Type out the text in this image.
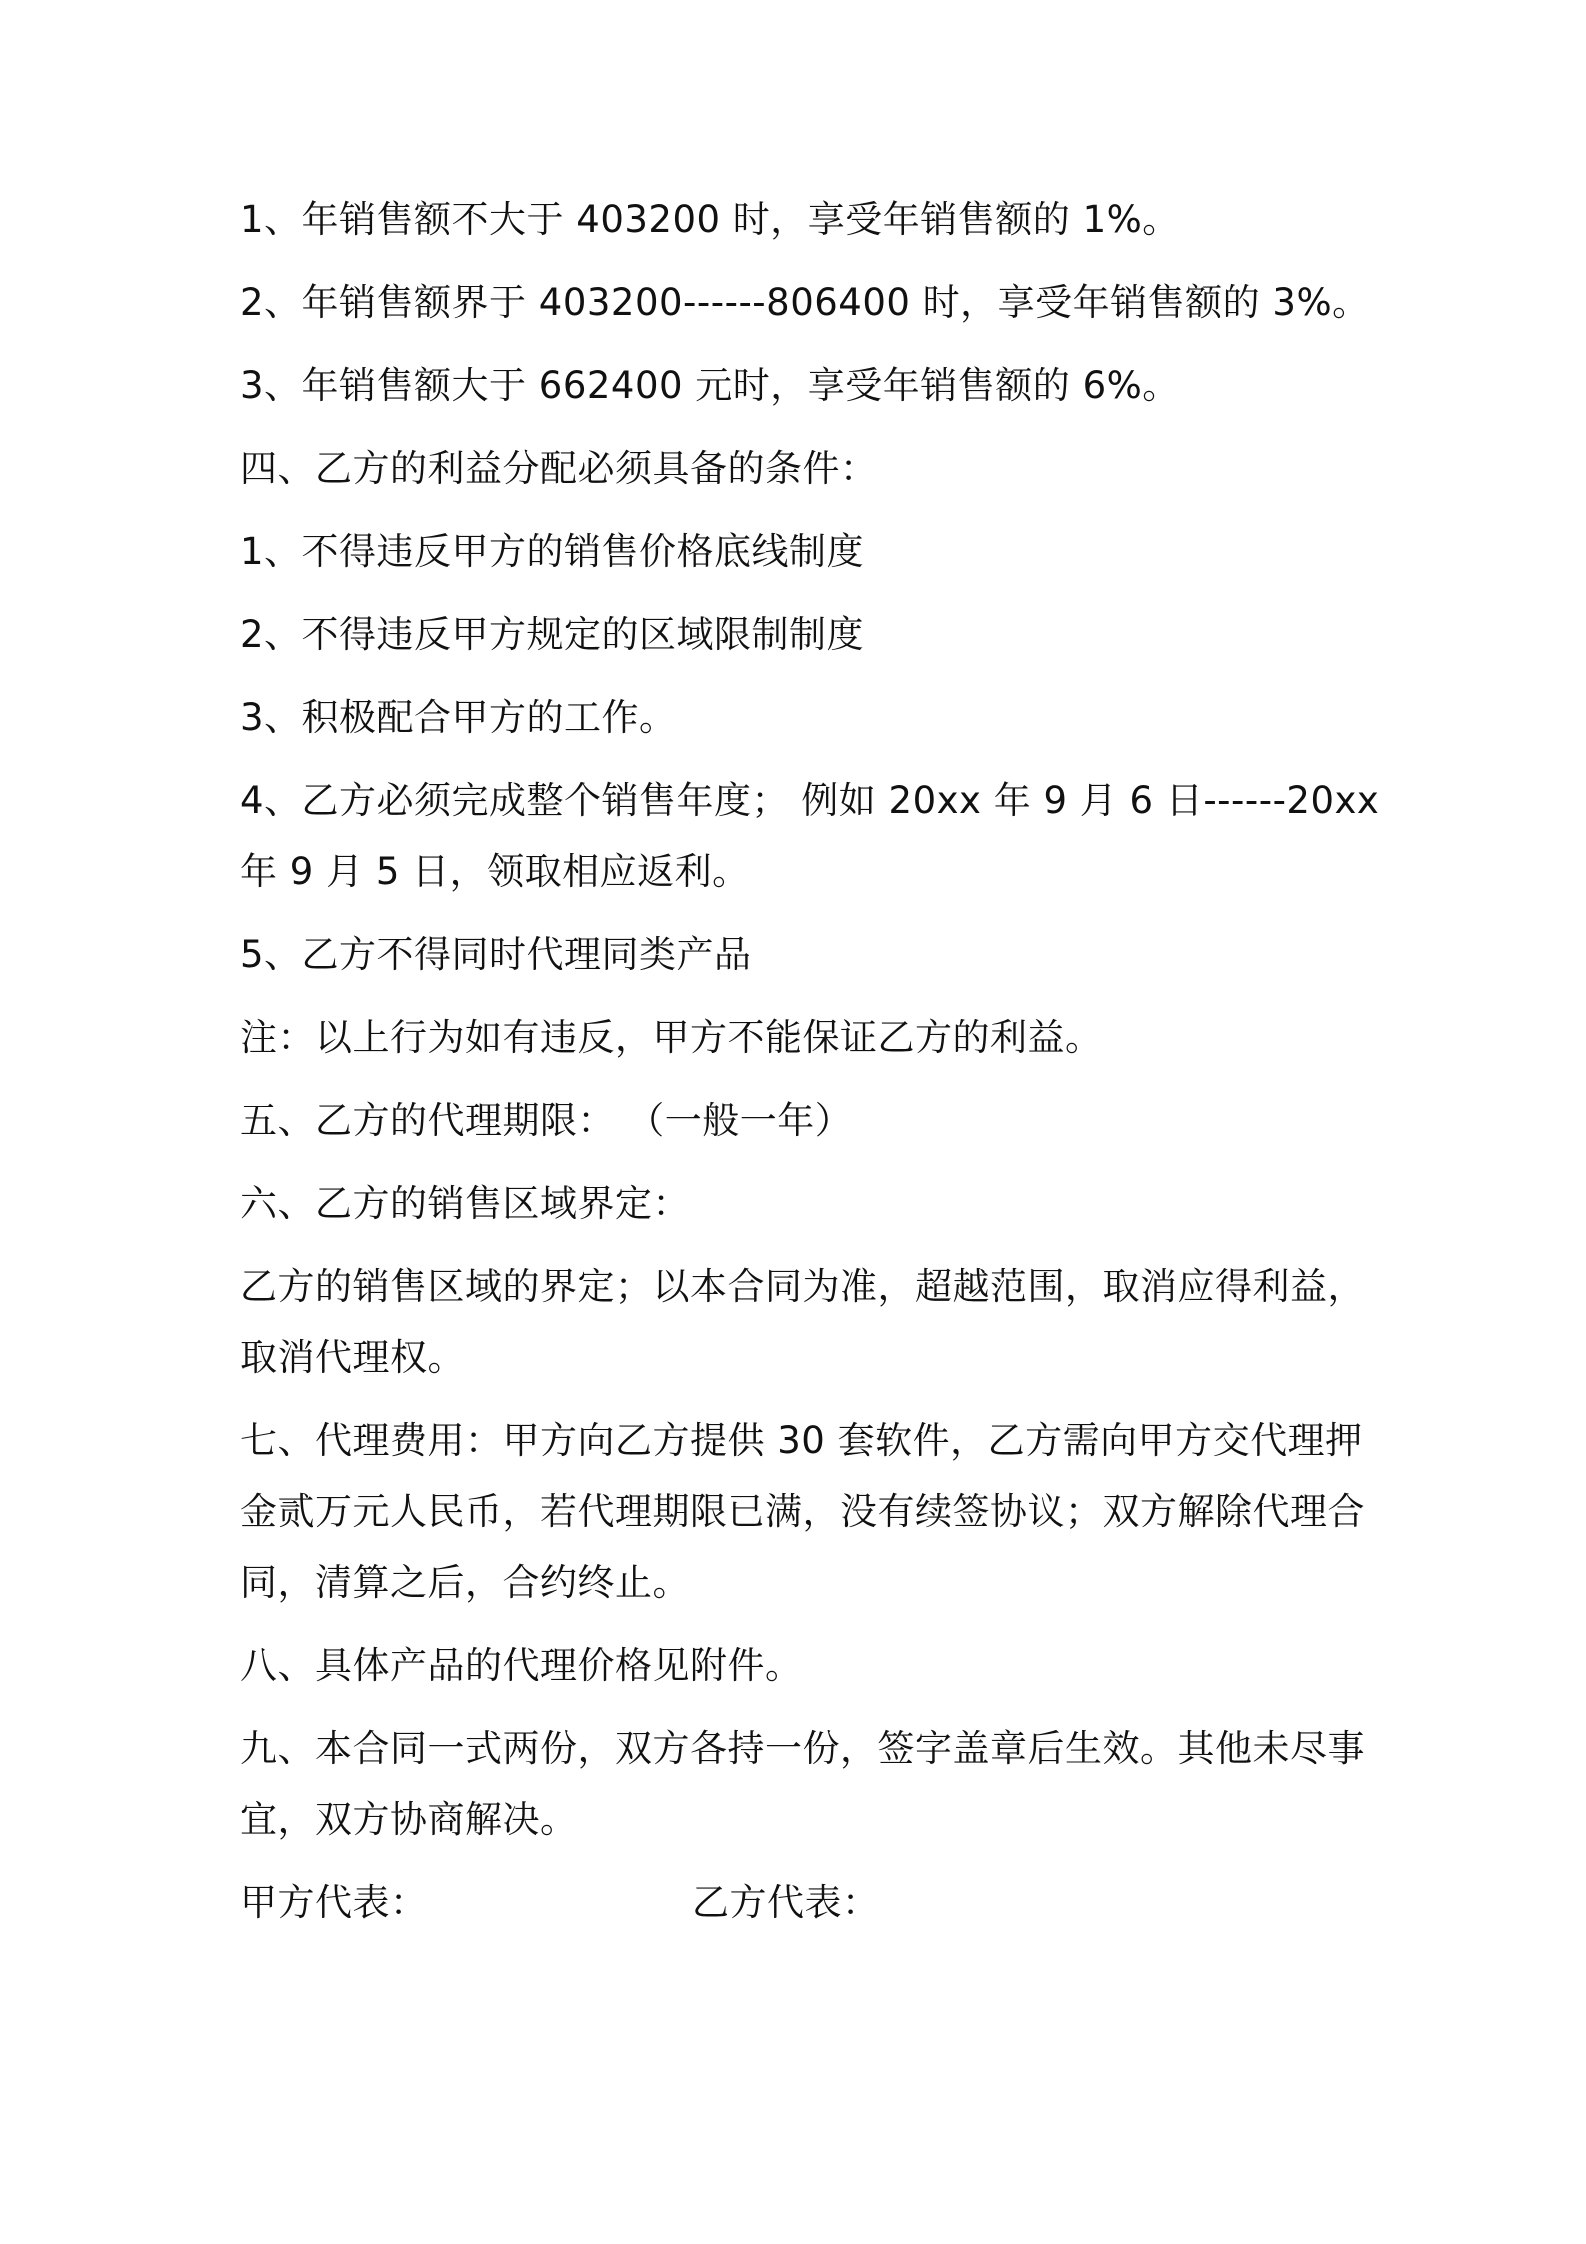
1、年销售额不大于 403200 时，享受年销售额的 1%。
2、年销售额界于 403200------806400 时，享受年销售额的 3%。
3、年销售额大于 662400 元时，享受年销售额的 6%。
四、乙方的利益分配必须具备的条件：
1、不得违反甲方的销售价格底线制度
2、不得违反甲方规定的区域限制制度
3、积极配合甲方的工作。
4、乙方必须完成整个销售年度； 例如 20xx 年 9 月 6 日------20xx
年 9 月 5 日，领取相应返利。
5、乙方不得同时代理同类产品
注：以上行为如有违反，甲方不能保证乙方的利益。
五、乙方的代理期限： （一般一年）
六、乙方的销售区域界定：
乙方的销售区域的界定；以本合同为准，超越范围，取消应得利益，
取消代理权。
七、代理费用：甲方向乙方提供 30 套软件，乙方需向甲方交代理押
金贰万元人民币，若代理期限已满，没有续签协议；双方解除代理合
同，清算之后，合约终止。
八、具体产品的代理价格见附件。
九、本合同一式两份，双方各持一份，签字盖章后生效。其他未尽事
宜，双方协商解决。
甲方代表：	乙方代表：
